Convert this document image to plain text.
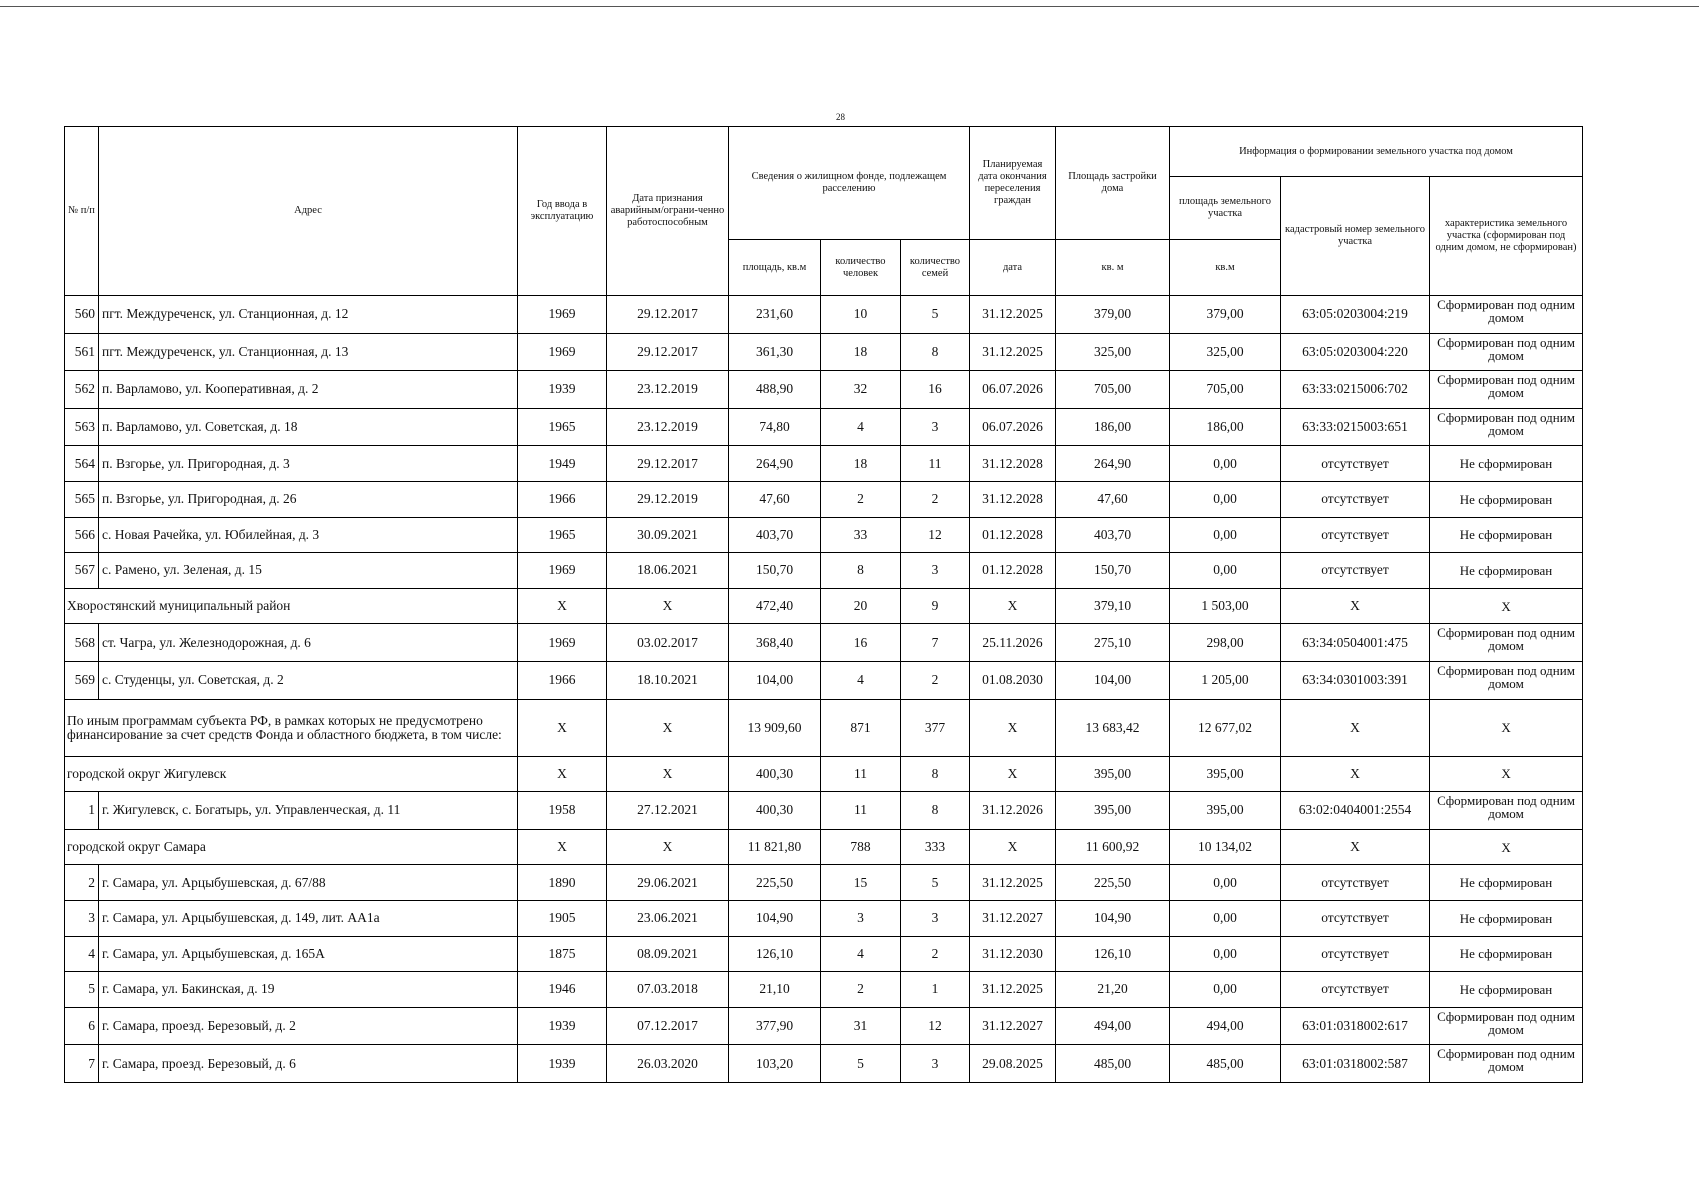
28
№ п/п	Адрес	Год ввода в эксплуатацию	Дата признания аварийным/ограни-ченно работоспособным	Сведения о жилищном фонде, подлежащем расселению			Планируемая дата окончания переселения граждан	Площадь застройки дома	Информация о формировании земельного участка под домом		
									площадь земельного участка	кадастровый номер земельного участка	характеристика земельного участка (сформирован под одним домом, не сформирован)
				площадь, кв.м	количество человек	количество семей	дата	кв. м	кв.м		
560	пгт. Междуреченск, ул. Станционная, д. 12	1969	29.12.2017	231,60	10	5	31.12.2025	379,00	379,00	63:05:0203004:219	Сформирован под одним домом
561	пгт. Междуреченск, ул. Станционная, д. 13	1969	29.12.2017	361,30	18	8	31.12.2025	325,00	325,00	63:05:0203004:220	Сформирован под одним домом
562	п. Варламово, ул. Кооперативная, д. 2	1939	23.12.2019	488,90	32	16	06.07.2026	705,00	705,00	63:33:0215006:702	Сформирован под одним домом
563	п. Варламово, ул. Советская, д. 18	1965	23.12.2019	74,80	4	3	06.07.2026	186,00	186,00	63:33:0215003:651	Сформирован под одним домом
564	п. Взгорье, ул. Пригородная, д. 3	1949	29.12.2017	264,90	18	11	31.12.2028	264,90	0,00	отсутствует	Не сформирован
565	п. Взгорье, ул. Пригородная, д. 26	1966	29.12.2019	47,60	2	2	31.12.2028	47,60	0,00	отсутствует	Не сформирован
566	с. Новая Рачейка, ул. Юбилейная, д. 3	1965	30.09.2021	403,70	33	12	01.12.2028	403,70	0,00	отсутствует	Не сформирован
567	с. Рамено, ул. Зеленая, д. 15	1969	18.06.2021	150,70	8	3	01.12.2028	150,70	0,00	отсутствует	Не сформирован
Хворостянский муниципальный район		X	X	472,40	20	9	X	379,10	1 503,00	X	X
568	ст. Чагра, ул. Железнодорожная, д. 6	1969	03.02.2017	368,40	16	7	25.11.2026	275,10	298,00	63:34:0504001:475	Сформирован под одним домом
569	с. Студенцы, ул. Советская, д. 2	1966	18.10.2021	104,00	4	2	01.08.2030	104,00	1 205,00	63:34:0301003:391	Сформирован под одним домом
По иным программам субъекта РФ, в рамках которых не предусмотрено финансирование за счет средств Фонда и областного бюджета, в том числе:		X	X	13 909,60	871	377	X	13 683,42	12 677,02	X	X
городской округ Жигулевск		X	X	400,30	11	8	X	395,00	395,00	X	X
1	г. Жигулевск, с. Богатырь, ул. Управленческая, д. 11	1958	27.12.2021	400,30	11	8	31.12.2026	395,00	395,00	63:02:0404001:2554	Сформирован под одним домом
городской округ Самара		X	X	11 821,80	788	333	X	11 600,92	10 134,02	X	X
2	г. Самара, ул. Арцыбушевская, д. 67/88	1890	29.06.2021	225,50	15	5	31.12.2025	225,50	0,00	отсутствует	Не сформирован
3	г. Самара, ул. Арцыбушевская, д. 149, лит. АА1а	1905	23.06.2021	104,90	3	3	31.12.2027	104,90	0,00	отсутствует	Не сформирован
4	г. Самара, ул. Арцыбушевская, д. 165А	1875	08.09.2021	126,10	4	2	31.12.2030	126,10	0,00	отсутствует	Не сформирован
5	г. Самара, ул. Бакинская, д. 19	1946	07.03.2018	21,10	2	1	31.12.2025	21,20	0,00	отсутствует	Не сформирован
6	г. Самара, проезд. Березовый, д. 2	1939	07.12.2017	377,90	31	12	31.12.2027	494,00	494,00	63:01:0318002:617	Сформирован под одним домом
7	г. Самара, проезд. Березовый, д. 6	1939	26.03.2020	103,20	5	3	29.08.2025	485,00	485,00	63:01:0318002:587	Сформирован под одним домом
